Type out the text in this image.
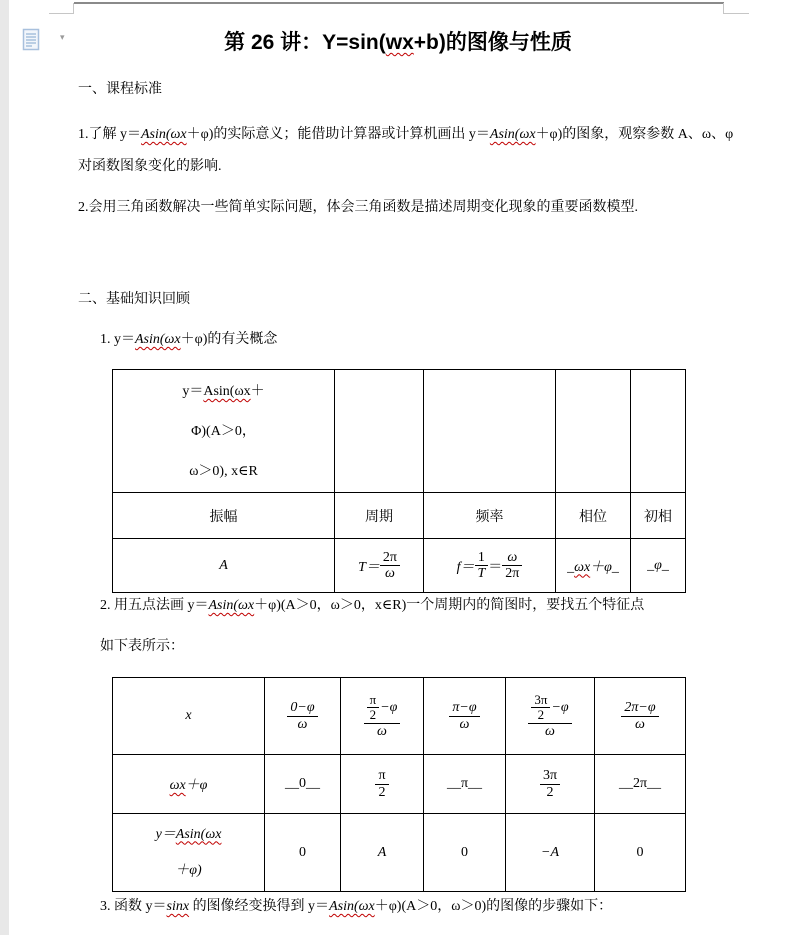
▾	第 26 讲：Y=sin(wx+b)的图像与性质
一、课程标准
1.了解 y＝Asin(ωx＋φ)的实际意义；能借助计算器或计算机画出 y＝Asin(ωx＋φ)的图象，观察参数 A、ω、φ
对函数图象变化的影响.
2.会用三角函数解决一些简单实际问题，体会三角函数是描述周期变化现象的重要函数模型.
二、基础知识回顾
1. y＝Asin(ωx＋φ)的有关概念
y＝Asin(ωx＋
Φ)(A＞0，
ω＞0), x∈R				

振幅	周期	频率	相位	初相
A	$T= \frac{2\pi}{\omega}$	$f= \frac{1}{T} = \frac{\omega}{2\pi}$	_ωx＋φ_	_φ_
2. 用五点法画 y＝Asin(ωx＋φ)(A＞0，ω＞0，x∈R)一个周期内的简图时，要找五个特征点
如下表所示：
x	$\frac{0-\varphi}{\omega}$	$\frac{\frac{\pi}{2} -\varphi}{\omega}$	$\frac{\pi-\varphi}{\omega}$	$\frac{\frac{3\pi}{2} -\varphi}{\omega}$	$\frac{2\pi-\varphi}{\omega}$

ωx＋φ	__0__	$\frac{\pi}{2}$	__π__	$\frac{3\pi}{2}$	__2π__

y＝Asin(ωx
＋φ)	0	A	0	−A	0
3. 函数 y＝sinx 的图像经变换得到 y＝Asin(ωx＋φ)(A＞0，ω＞0)的图像的步骤如下：
